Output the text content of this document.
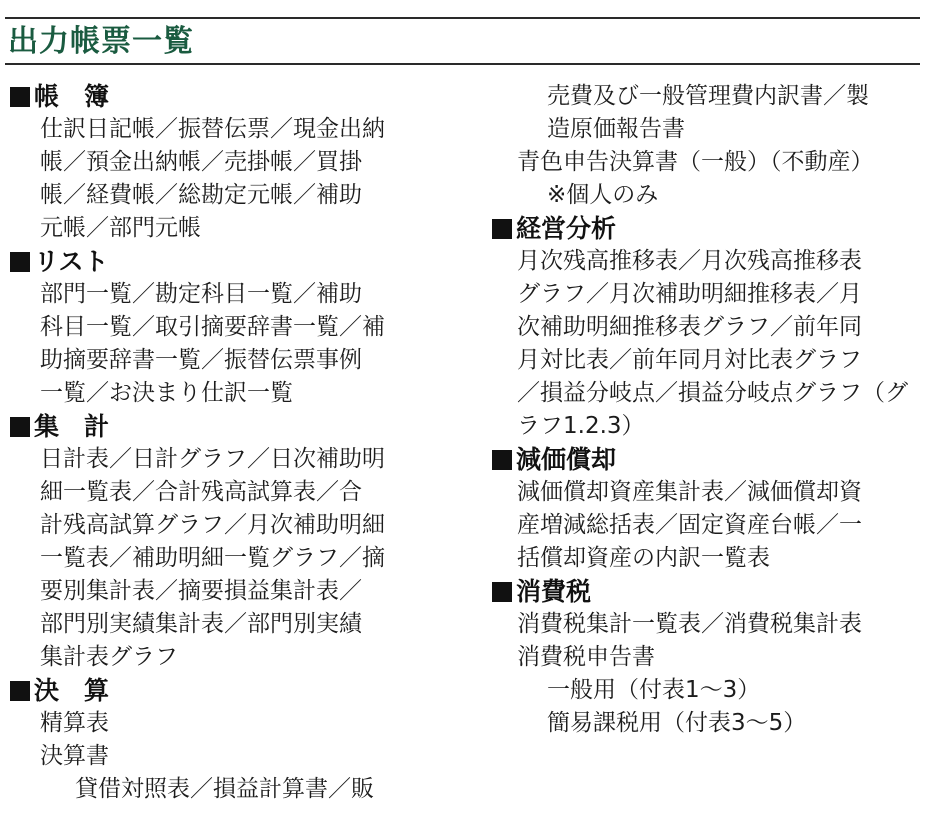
出力帳票一覧
帳　簿
仕訳日記帳／振替伝票／現金出納
帳／預金出納帳／売掛帳／買掛
帳／経費帳／総勘定元帳／補助
元帳／部門元帳
リスト
部門一覧／勘定科目一覧／補助
科目一覧／取引摘要辞書一覧／補
助摘要辞書一覧／振替伝票事例
一覧／お決まり仕訳一覧
集　計
日計表／日計グラフ／日次補助明
細一覧表／合計残高試算表／合
計残高試算グラフ／月次補助明細
一覧表／補助明細一覧グラフ／摘
要別集計表／摘要損益集計表／
部門別実績集計表／部門別実績
集計表グラフ
決　算
精算表
決算書
貸借対照表／損益計算書／販
売費及び一般管理費内訳書／製
造原価報告書
青色申告決算書（一般）（不動産）
※個人のみ
経営分析
月次残高推移表／月次残高推移表
グラフ／月次補助明細推移表／月
次補助明細推移表グラフ／前年同
月対比表／前年同月対比表グラフ
／損益分岐点／損益分岐点グラフ（グ
ラフ1.2.3）
減価償却
減価償却資産集計表／減価償却資
産増減総括表／固定資産台帳／一
括償却資産の内訳一覧表
消費税
消費税集計一覧表／消費税集計表
消費税申告書
一般用（付表1〜3）
簡易課税用（付表3〜5）
